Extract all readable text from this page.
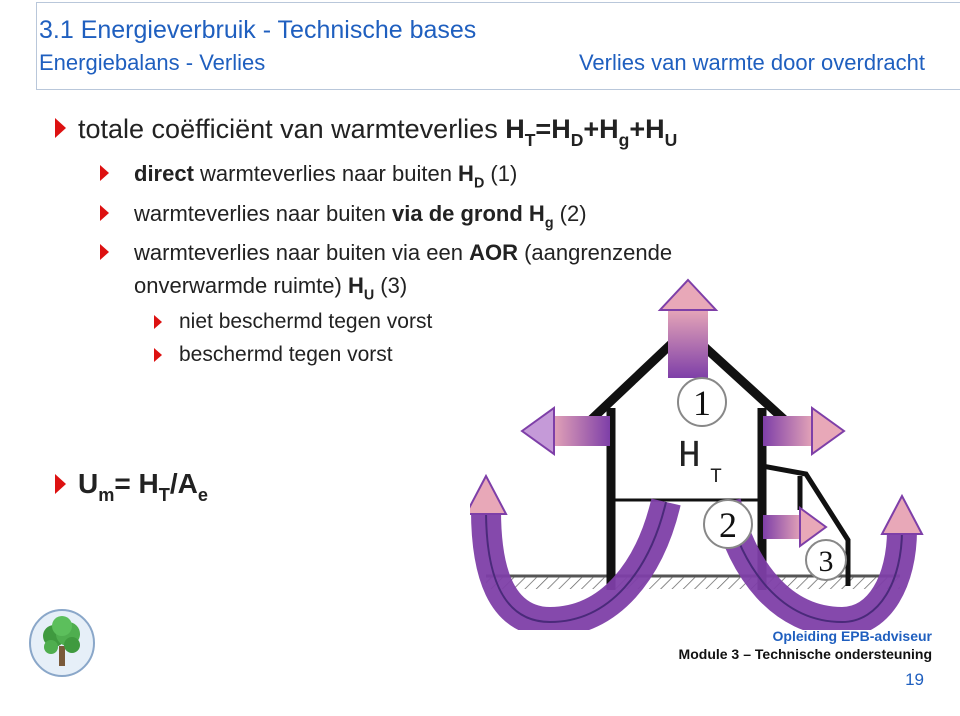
3.1 Energieverbruik - Technische bases
Energiebalans - Verlies	Verlies van warmte door overdracht
totale coëfficiënt van warmteverlies $H_T=H_D+H_g+H_U$
direct warmteverlies naar buiten $H_D$ (1)
warmteverlies naar buiten via de grond $H_g$ (2)
warmteverlies naar buiten via een AOR (aangrenzende
onverwarmde ruimte) $H_U$ (3)
niet beschermd tegen vorst
beschermd tegen vorst
$U_m= H_T/A_e$
1
2
3
H T
Opleiding EPB-adviseur
Module 3 – Technische ondersteuning
19
